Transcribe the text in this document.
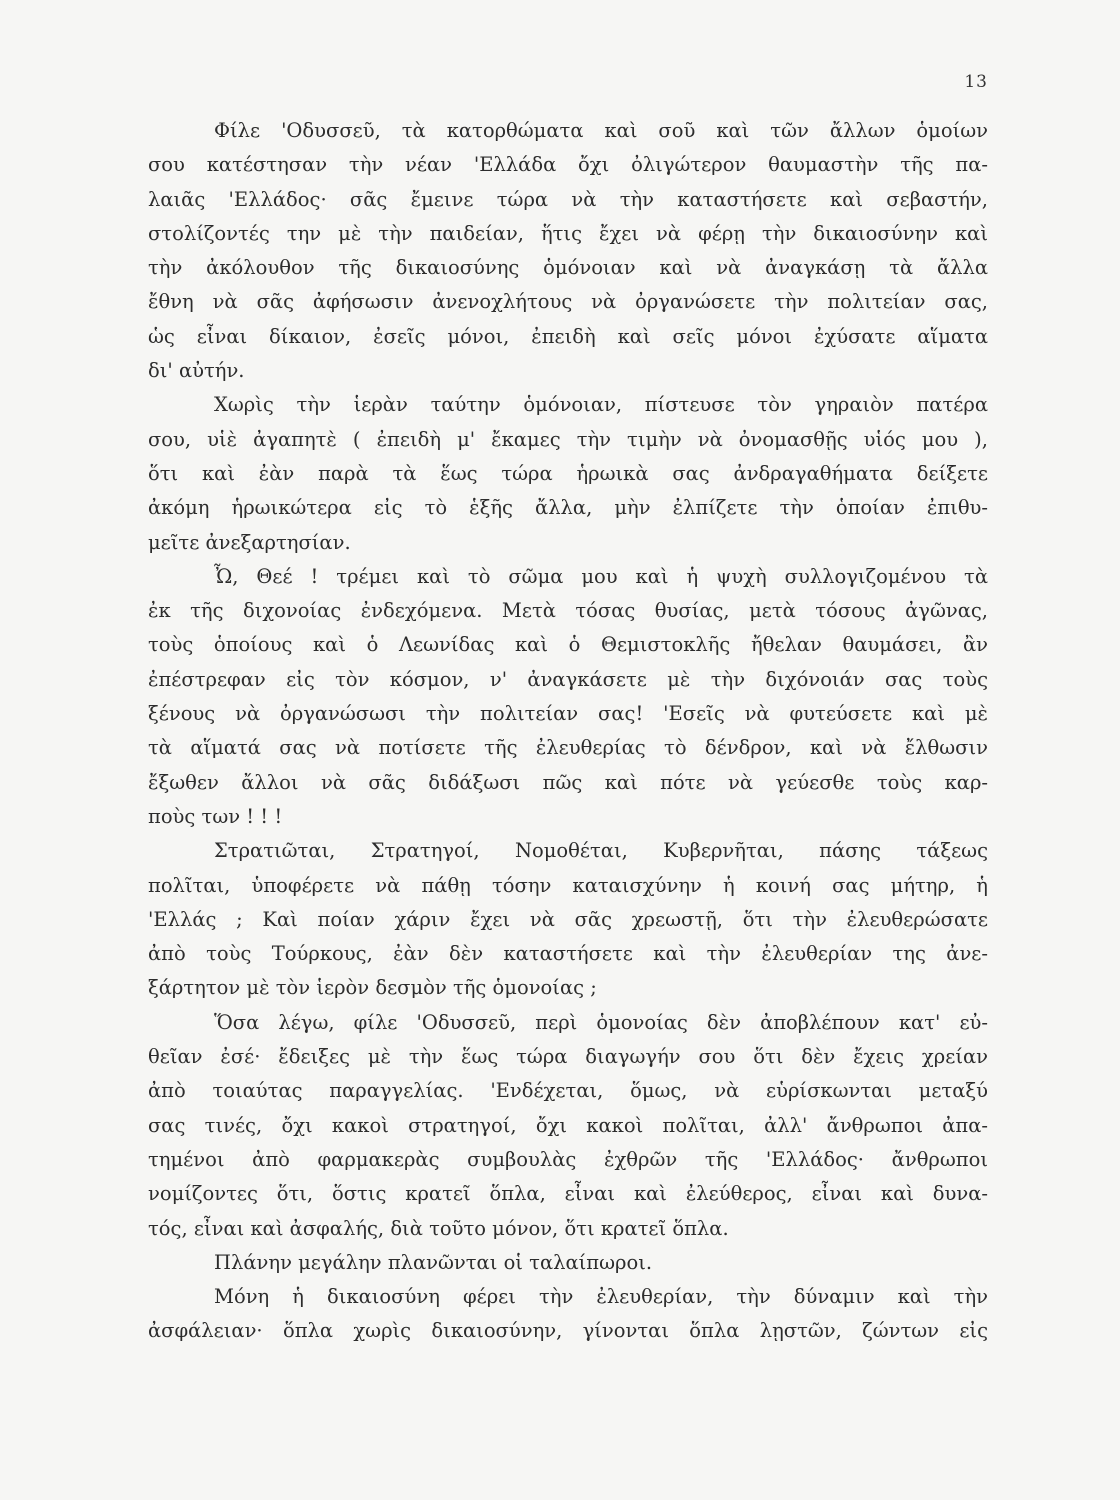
13
Φίλε 'Οδυσσεῦ, τὰ κατορθώματα καὶ σοῦ καὶ τῶν ἄλλων ὁμοίων
σου κατέστησαν τὴν νέαν 'Ελλάδα ὄχι ὀλιγώτερον θαυμαστὴν τῆς πα-
λαιᾶς 'Ελλάδος· σᾶς ἔμεινε τώρα νὰ τὴν καταστήσετε καὶ σεβαστήν,
στολίζοντές την μὲ τὴν παιδείαν, ἥτις ἔχει νὰ φέρῃ τὴν δικαιοσύνην καὶ
τὴν ἀκόλουθον τῆς δικαιοσύνης ὁμόνοιαν καὶ νὰ ἀναγκάσῃ τὰ ἄλλα
ἔθνη νὰ σᾶς ἀφήσωσιν ἀνενοχλήτους νὰ ὀργανώσετε τὴν πολιτείαν σας,
ὡς εἶναι δίκαιον, ἐσεῖς μόνοι, ἐπειδὴ καὶ σεῖς μόνοι ἐχύσατε αἵματα
δι' αὐτήν.
Χωρὶς τὴν ἱερὰν ταύτην ὁμόνοιαν, πίστευσε τὸν γηραιὸν πατέρα
σου, υἱὲ ἀγαπητὲ ( ἐπειδὴ μ' ἔκαμες τὴν τιμὴν νὰ ὀνομασθῇς υἱός μου ),
ὅτι καὶ ἐὰν παρὰ τὰ ἕως τώρα ἡρωικὰ σας ἀνδραγαθήματα δείξετε
ἀκόμη ἡρωικώτερα εἰς τὸ ἑξῆς ἄλλα, μὴν ἐλπίζετε τὴν ὁποίαν ἐπιθυ-
μεῖτε ἀνεξαρτησίαν.
Ὦ, Θεέ ! τρέμει καὶ τὸ σῶμα μου καὶ ἡ ψυχὴ συλλογιζομένου τὰ
ἐκ τῆς διχονοίας ἐνδεχόμενα. Μετὰ τόσας θυσίας, μετὰ τόσους ἀγῶνας,
τοὺς ὁποίους καὶ ὁ Λεωνίδας καὶ ὁ Θεμιστοκλῆς ἤθελαν θαυμάσει, ἂν
ἐπέστρεφαν εἰς τὸν κόσμον, ν' ἀναγκάσετε μὲ τὴν διχόνοιάν σας τοὺς
ξένους νὰ ὀργανώσωσι τὴν πολιτείαν σας! 'Εσεῖς νὰ φυτεύσετε καὶ μὲ
τὰ αἵματά σας νὰ ποτίσετε τῆς ἐλευθερίας τὸ δένδρον, καὶ νὰ ἔλθωσιν
ἔξωθεν ἄλλοι νὰ σᾶς διδάξωσι πῶς καὶ πότε νὰ γεύεσθε τοὺς καρ-
ποὺς των ! ! !
Στρατιῶται, Στρατηγοί, Νομοθέται, Κυβερνῆται, πάσης τάξεως
πολῖται, ὑποφέρετε νὰ πάθῃ τόσην καταισχύνην ἡ κοινή σας μήτηρ, ἡ
'Ελλάς ; Καὶ ποίαν χάριν ἔχει νὰ σᾶς χρεωστῇ, ὅτι τὴν ἐλευθερώσατε
ἀπὸ τοὺς Τούρκους, ἐὰν δὲν καταστήσετε καὶ τὴν ἐλευθερίαν της ἀνε-
ξάρτητον μὲ τὸν ἱερὸν δεσμὸν τῆς ὁμονοίας ;
Ὅσα λέγω, φίλε 'Οδυσσεῦ, περὶ ὁμονοίας δὲν ἀποβλέπουν κατ' εὐ-
θεῖαν ἐσέ· ἔδειξες μὲ τὴν ἕως τώρα διαγωγήν σου ὅτι δὲν ἔχεις χρείαν
ἀπὸ τοιαύτας παραγγελίας. 'Ενδέχεται, ὅμως, νὰ εὑρίσκωνται μεταξύ
σας τινές, ὄχι κακοὶ στρατηγοί, ὄχι κακοὶ πολῖται, ἀλλ' ἄνθρωποι ἀπα-
τημένοι ἀπὸ φαρμακερὰς συμβουλὰς ἐχθρῶν τῆς 'Ελλάδος· ἄνθρωποι
νομίζοντες ὅτι, ὅστις κρατεῖ ὅπλα, εἶναι καὶ ἐλεύθερος, εἶναι καὶ δυνα-
τός, εἶναι καὶ ἀσφαλής, διὰ τοῦτο μόνον, ὅτι κρατεῖ ὅπλα.
Πλάνην μεγάλην πλανῶνται οἱ ταλαίπωροι.
Μόνη ἡ δικαιοσύνη φέρει τὴν ἐλευθερίαν, τὴν δύναμιν καὶ τὴν
ἀσφάλειαν· ὅπλα χωρὶς δικαιοσύνην, γίνονται ὅπλα λῃστῶν, ζώντων εἰς
